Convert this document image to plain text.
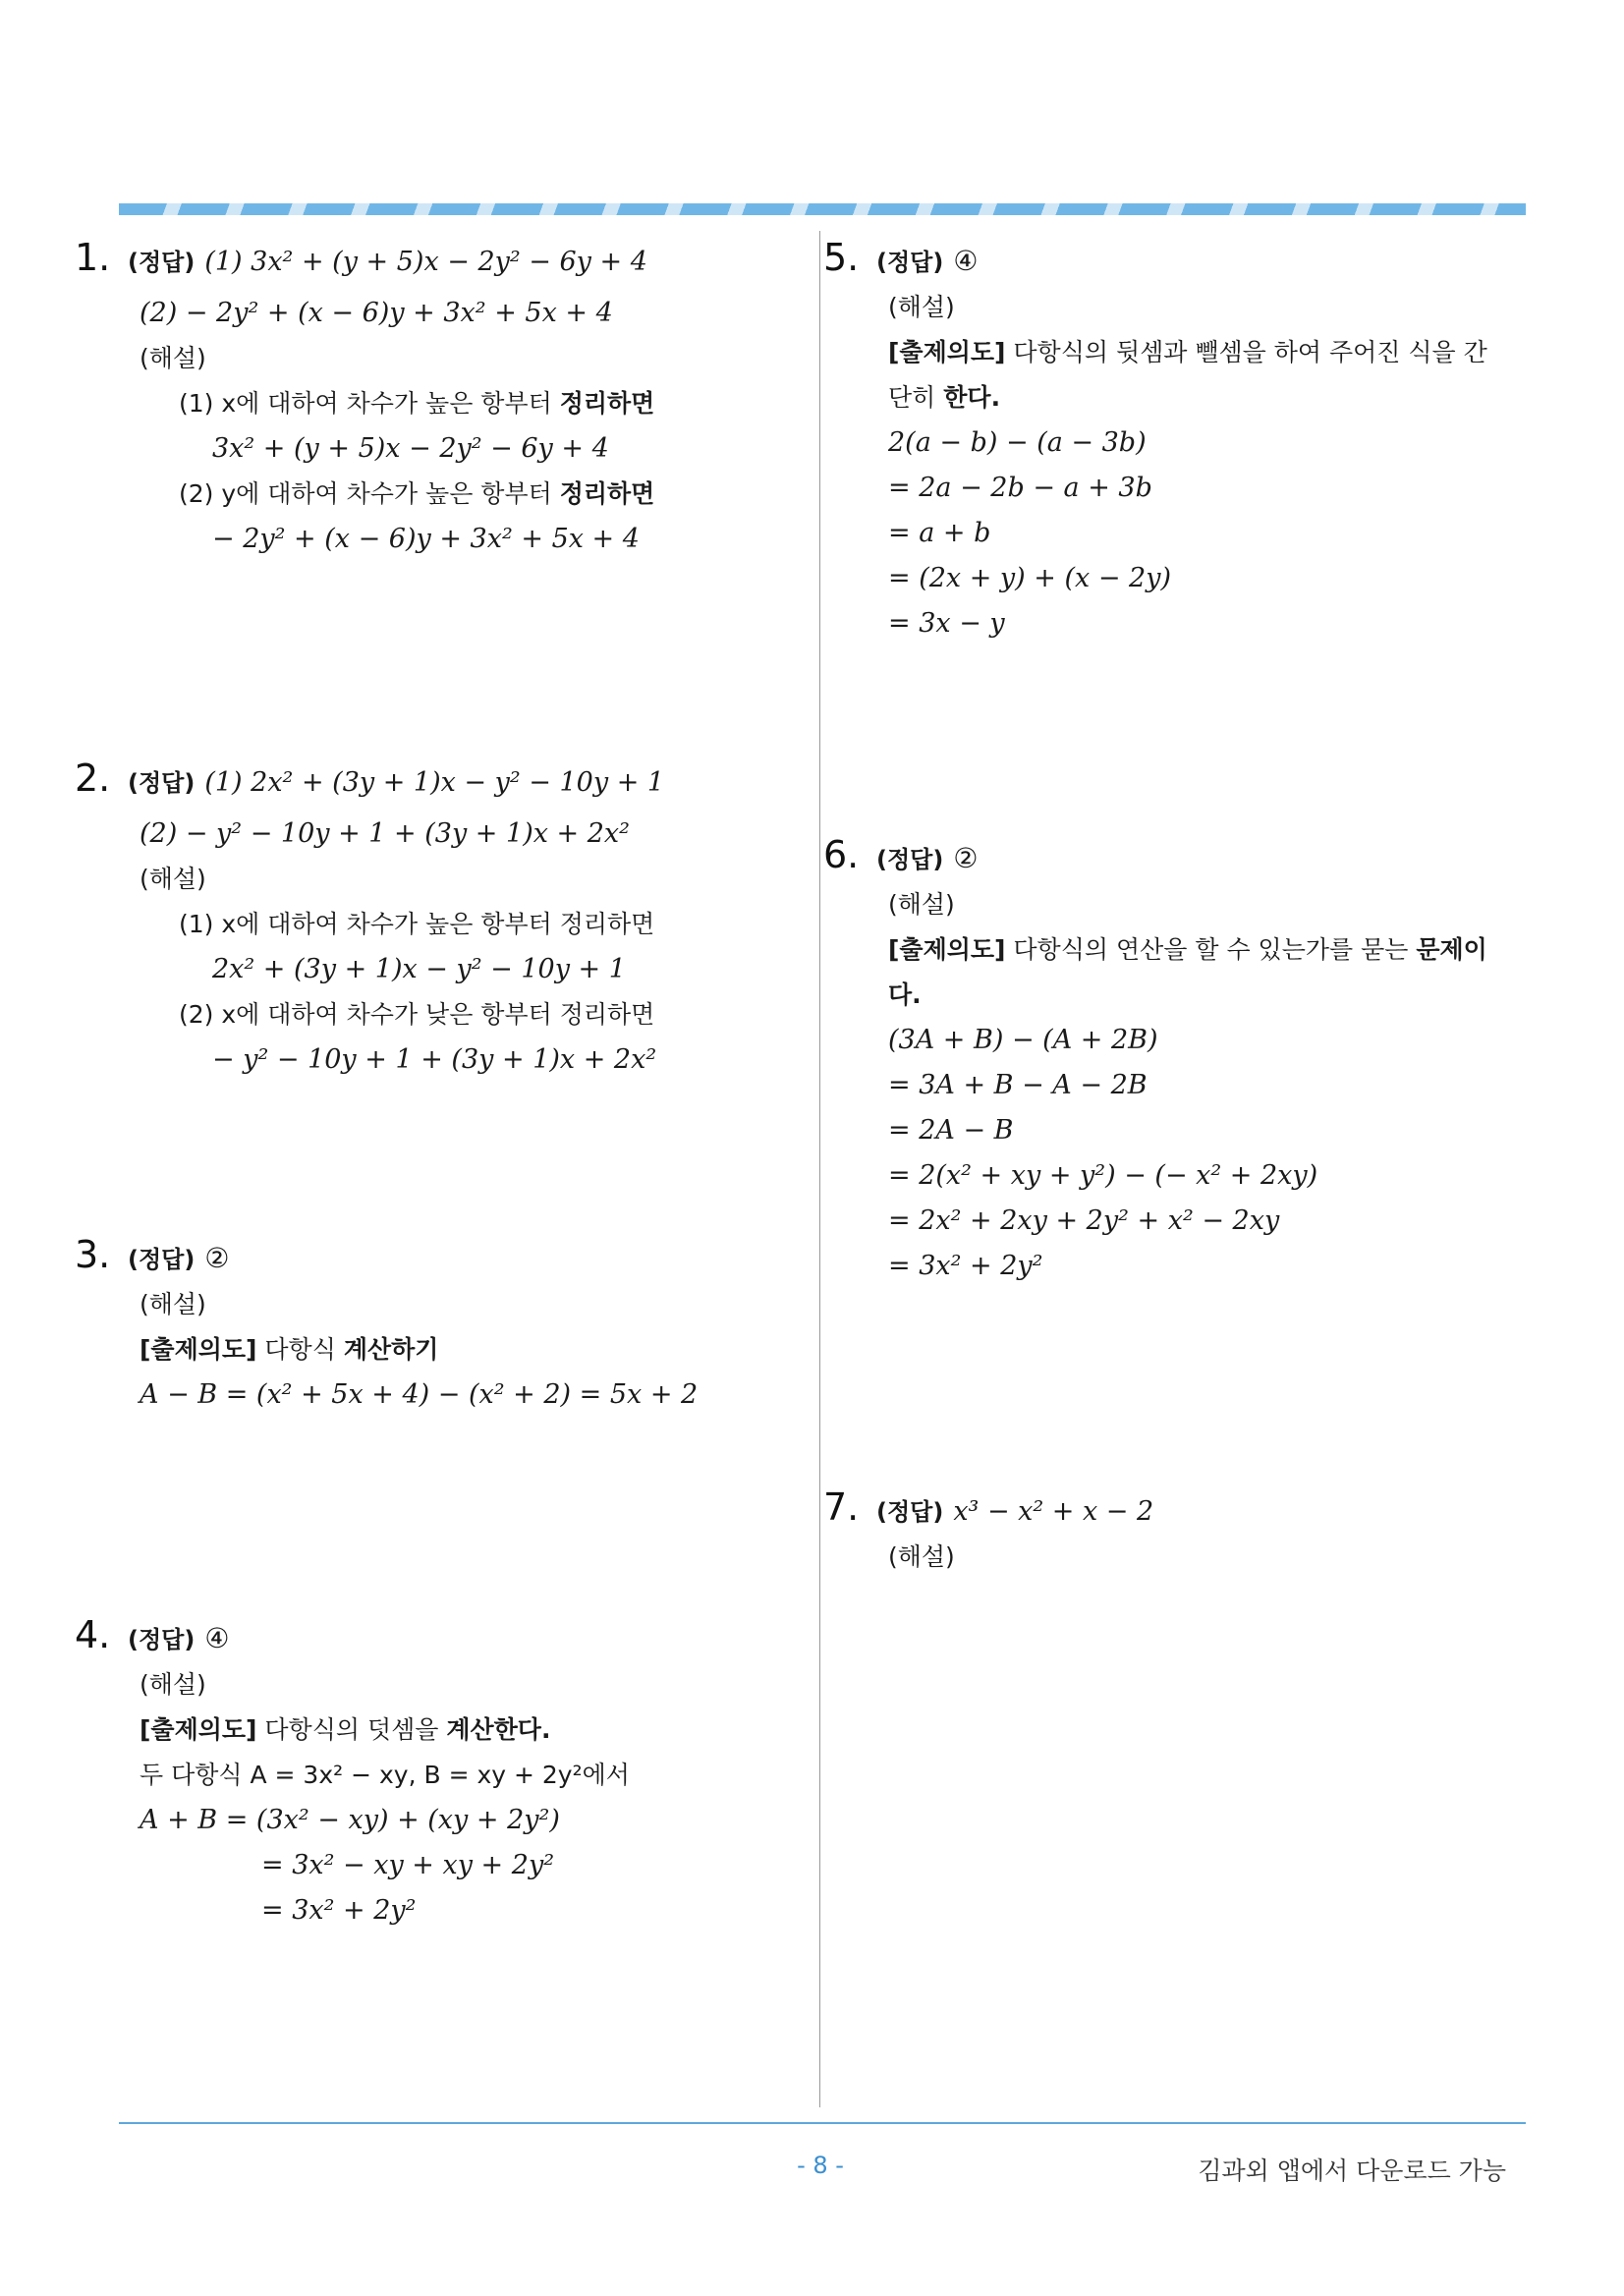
1. (정답) (1) 3x² + (y + 5)x − 2y² − 6y + 4
(2) − 2y² + (x − 6)y + 3x² + 5x + 4
(해설)
(1) x에 대하여 차수가 높은 항부터 정리하면
3x² + (y + 5)x − 2y² − 6y + 4
(2) y에 대하여 차수가 높은 항부터 정리하면
− 2y² + (x − 6)y + 3x² + 5x + 4
2. (정답) (1) 2x² + (3y + 1)x − y² − 10y + 1
(2) − y² − 10y + 1 + (3y + 1)x + 2x²
(해설)
(1) x에 대하여 차수가 높은 항부터 정리하면
2x² + (3y + 1)x − y² − 10y + 1
(2) x에 대하여 차수가 낮은 항부터 정리하면
− y² − 10y + 1 + (3y + 1)x + 2x²
3. (정답) ②
(해설)
[출제의도] 다항식 계산하기
A − B = (x² + 5x + 4) − (x² + 2) = 5x + 2
4. (정답) ④
(해설)
[출제의도] 다항식의 덧셈을 계산한다.
두 다항식 A = 3x² − xy, B = xy + 2y²에서
A + B = (3x² − xy) + (xy + 2y²)
= 3x² − xy + xy + 2y²
= 3x² + 2y²
5. (정답) ④
(해설)
[출제의도] 다항식의 뒷셈과 뺄셈을 하여 주어진 식을 간단히 한다.
2(a − b) − (a − 3b)
= 2a − 2b − a + 3b
= a + b
= (2x + y) + (x − 2y)
= 3x − y
6. (정답) ②
(해설)
[출제의도] 다항식의 연산을 할 수 있는가를 묻는 문제이다.
(3A + B) − (A + 2B)
= 3A + B − A − 2B
= 2A − B
= 2(x² + xy + y²) − (− x² + 2xy)
= 2x² + 2xy + 2y² + x² − 2xy
= 3x² + 2y²
7. (정답) x³ − x² + x − 2
(해설)
- 8 -	김과외 앱에서 다운로드 가능
